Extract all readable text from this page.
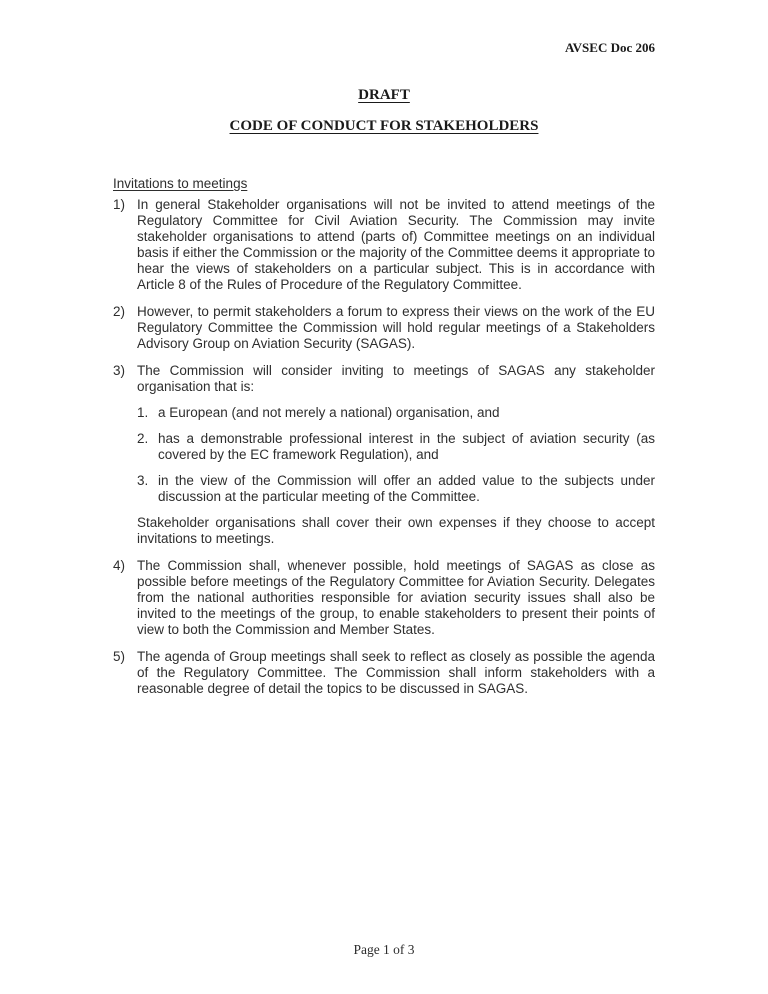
AVSEC Doc 206
DRAFT
CODE OF CONDUCT FOR STAKEHOLDERS
Invitations to meetings
1) In general Stakeholder organisations will not be invited to attend meetings of the Regulatory Committee for Civil Aviation Security. The Commission may invite stakeholder organisations to attend (parts of) Committee meetings on an individual basis if either the Commission or the majority of the Committee deems it appropriate to hear the views of stakeholders on a particular subject. This is in accordance with Article 8 of the Rules of Procedure of the Regulatory Committee.
2) However, to permit stakeholders a forum to express their views on the work of the EU Regulatory Committee the Commission will hold regular meetings of a Stakeholders Advisory Group on Aviation Security (SAGAS).
3) The Commission will consider inviting to meetings of SAGAS any stakeholder organisation that is:
1. a European (and not merely a national) organisation, and
2. has a demonstrable professional interest in the subject of aviation security (as covered by the EC framework Regulation), and
3. in the view of the Commission will offer an added value to the subjects under discussion at the particular meeting of the Committee.
Stakeholder organisations shall cover their own expenses if they choose to accept invitations to meetings.
4) The Commission shall, whenever possible, hold meetings of SAGAS as close as possible before meetings of the Regulatory Committee for Aviation Security. Delegates from the national authorities responsible for aviation security issues shall also be invited to the meetings of the group, to enable stakeholders to present their points of view to both the Commission and Member States.
5) The agenda of Group meetings shall seek to reflect as closely as possible the agenda of the Regulatory Committee. The Commission shall inform stakeholders with a reasonable degree of detail the topics to be discussed in SAGAS.
Page 1 of 3
